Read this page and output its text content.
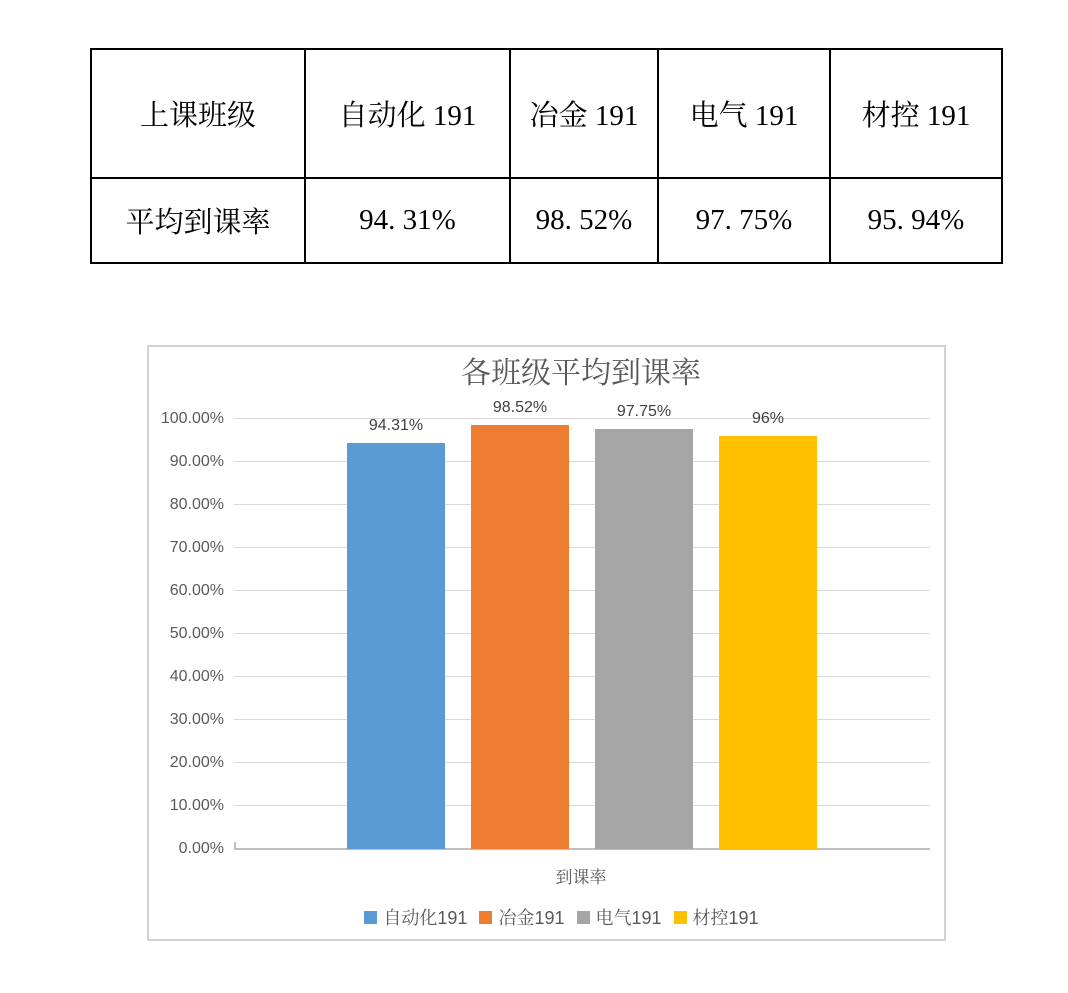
上课班级	自动化 191	冶金 191	电气 191	材控 191
平均到课率	94. 31%	98. 52%	97. 75%	95. 94%
各班级平均到课率
100.00%
90.00%
80.00%
70.00%
60.00%
50.00%
40.00%
30.00%
20.00%
10.00%
0.00%
94.31%
98.52%	97.75%	96%
到课率
自动化191 冶金191 电气191 材控191
